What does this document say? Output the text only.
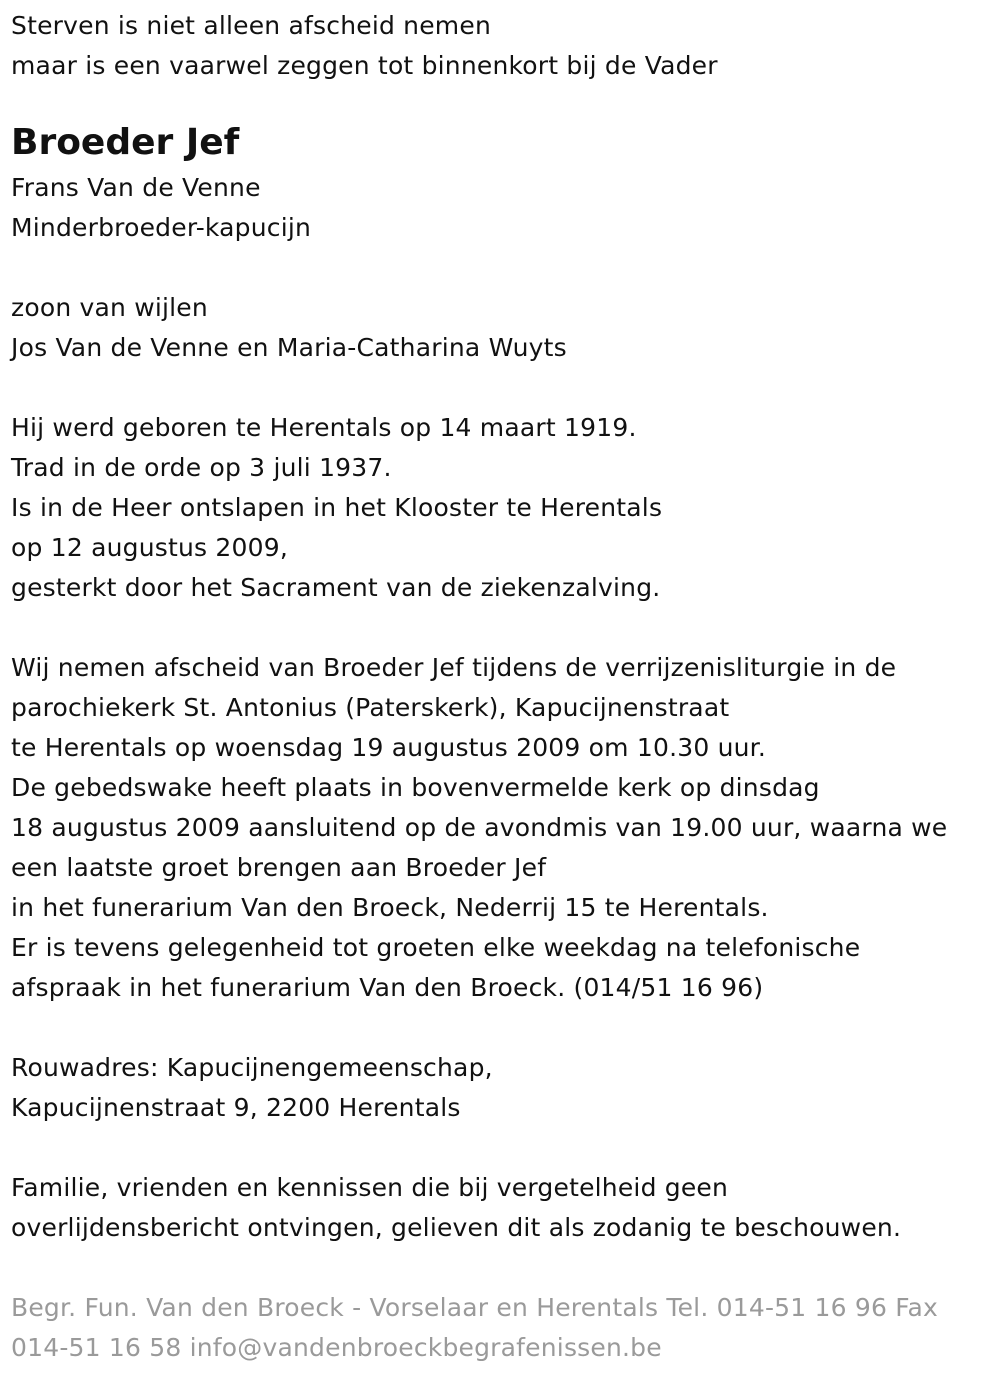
Sterven is niet alleen afscheid nemen
maar is een vaarwel zeggen tot binnenkort bij de Vader
Broeder Jef
Frans Van de Venne
Minderbroeder-kapucijn
zoon van wijlen
Jos Van de Venne en Maria-Catharina Wuyts
Hij werd geboren te Herentals op 14 maart 1919.
Trad in de orde op 3 juli 1937.
Is in de Heer ontslapen in het Klooster te Herentals
op 12 augustus 2009,
gesterkt door het Sacrament van de ziekenzalving.
Wij nemen afscheid van Broeder Jef tijdens de verrijzenisliturgie in de
parochiekerk St. Antonius (Paterskerk), Kapucijnenstraat
te Herentals op woensdag 19 augustus 2009 om 10.30 uur.
De gebedswake heeft plaats in bovenvermelde kerk op dinsdag
18 augustus 2009 aansluitend op de avondmis van 19.00 uur, waarna we
een laatste groet brengen aan Broeder Jef
in het funerarium Van den Broeck, Nederrij 15 te Herentals.
Er is tevens gelegenheid tot groeten elke weekdag na telefonische
afspraak in het funerarium Van den Broeck. (014/51 16 96)
Rouwadres: Kapucijnengemeenschap,
Kapucijnenstraat 9, 2200 Herentals
Familie, vrienden en kennissen die bij vergetelheid geen
overlijdensbericht ontvingen, gelieven dit als zodanig te beschouwen.
Begr. Fun. Van den Broeck - Vorselaar en Herentals Tel. 014-51 16 96 Fax
014-51 16 58 info@vandenbroeckbegrafenissen.be
